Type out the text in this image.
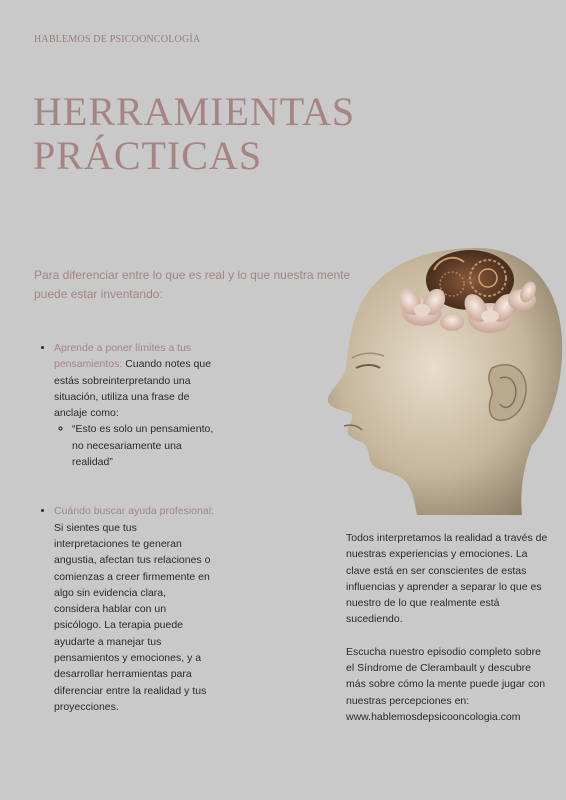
HABLEMOS DE PSICOONCOLOGÍA
HERRAMIENTAS
PRÁCTICAS
Para diferenciar entre lo que es real y lo que nuestra mente puede estar inventando:
• Aprende a poner límites a tus pensamientos: Cuando notes que estás sobreinterpretando una situación, utiliza una frase de anclaje como:
◦ “Esto es solo un pensamiento, no necesariamente una realidad”
• Cuándo buscar ayuda profesional: Si sientes que tus interpretaciones te generan angustia, afectan tus relaciones o comienzas a creer firmemente en algo sin evidencia clara, considera hablar con un psicólogo. La terapia puede ayudarte a manejar tus pensamientos y emociones, y a desarrollar herramientas para diferenciar entre la realidad y tus proyecciones.

Todos interpretamos la realidad a través de nuestras experiencias y emociones. La clave está en ser conscientes de estas influencias y aprender a separar lo que es nuestro de lo que realmente está sucediendo.

Escucha nuestro episodio completo sobre el Síndrome de Clerambault y descubre más sobre cómo la mente puede jugar con nuestras percepciones en:

www.hablemosdepsicooncologia.com
